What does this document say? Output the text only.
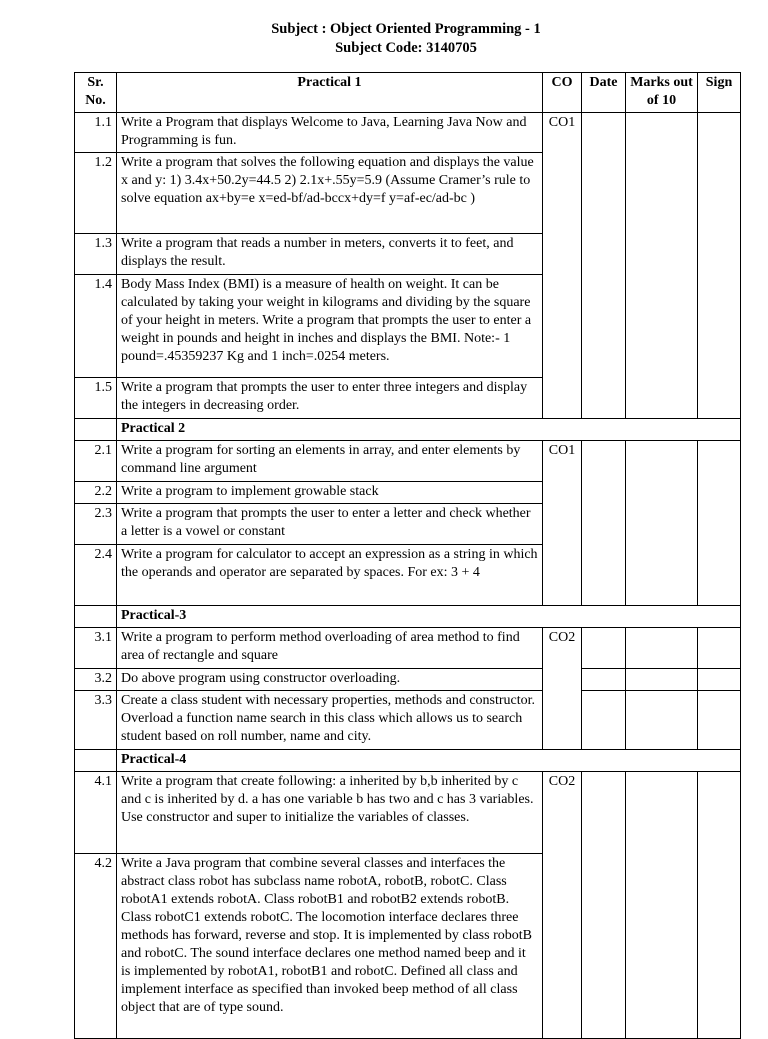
Subject : Object Oriented Programming - 1
Subject Code: 3140705
Sr. No.	Practical 1	CO	Date	Marks out of 10	Sign
1.1	Write a Program that displays Welcome to Java, Learning Java Now and Programming is fun.	CO1			
1.2	Write a program that solves the following equation and displays the value x and y: 1) 3.4x+50.2y=44.5 2) 2.1x+.55y=5.9 (Assume Cramer’s rule to solve equation ax+by=e x=ed-bf/ad-bccx+dy=f y=af-ec/ad-bc )				
1.3	Write a program that reads a number in meters, converts it to feet, and displays the result.				
1.4	Body Mass Index (BMI) is a measure of health on weight. It can be calculated by taking your weight in kilograms and dividing by the square of your height in meters. Write a program that prompts the user to enter a weight in pounds and height in inches and displays the BMI. Note:- 1 pound=.45359237 Kg and 1 inch=.0254 meters.				
1.5	Write a program that prompts the user to enter three integers and display the integers in decreasing order.				
	Practical 2				
2.1	Write a program for sorting an elements in array, and enter elements by command line argument	CO1			
2.2	Write a program to implement growable stack				
2.3	Write a program that prompts the user to enter a letter and check whether a letter is a vowel or constant				
2.4	Write a program for calculator to accept an expression as a string in which the operands and operator are separated by spaces. For ex: 3 + 4				
	Practical-3				
3.1	Write a program to perform method overloading of area method to find area of rectangle and square	CO2			
3.2	Do above program using constructor overloading.				
3.3	Create a class student with necessary properties, methods and constructor. Overload a function name search in this class which allows us to search student based on roll number, name and city.				
	Practical-4				
4.1	Write a program that create following: a inherited by b,b inherited by c and c is inherited by d. a has one variable b has two and c has 3 variables. Use constructor and super to initialize the variables of classes.	CO2			
4.2	Write a Java program that combine several classes and interfaces the abstract class robot has subclass name robotA, robotB, robotC. Class robotA1 extends robotA. Class robotB1 and robotB2 extends robotB. Class robotC1 extends robotC. The locomotion interface declares three methods has forward, reverse and stop. It is implemented by class robotB and robotC. The sound interface declares one method named beep and it is implemented by robotA1, robotB1 and robotC. Defined all class and implement interface as specified than invoked beep method of all class object that are of type sound.				
